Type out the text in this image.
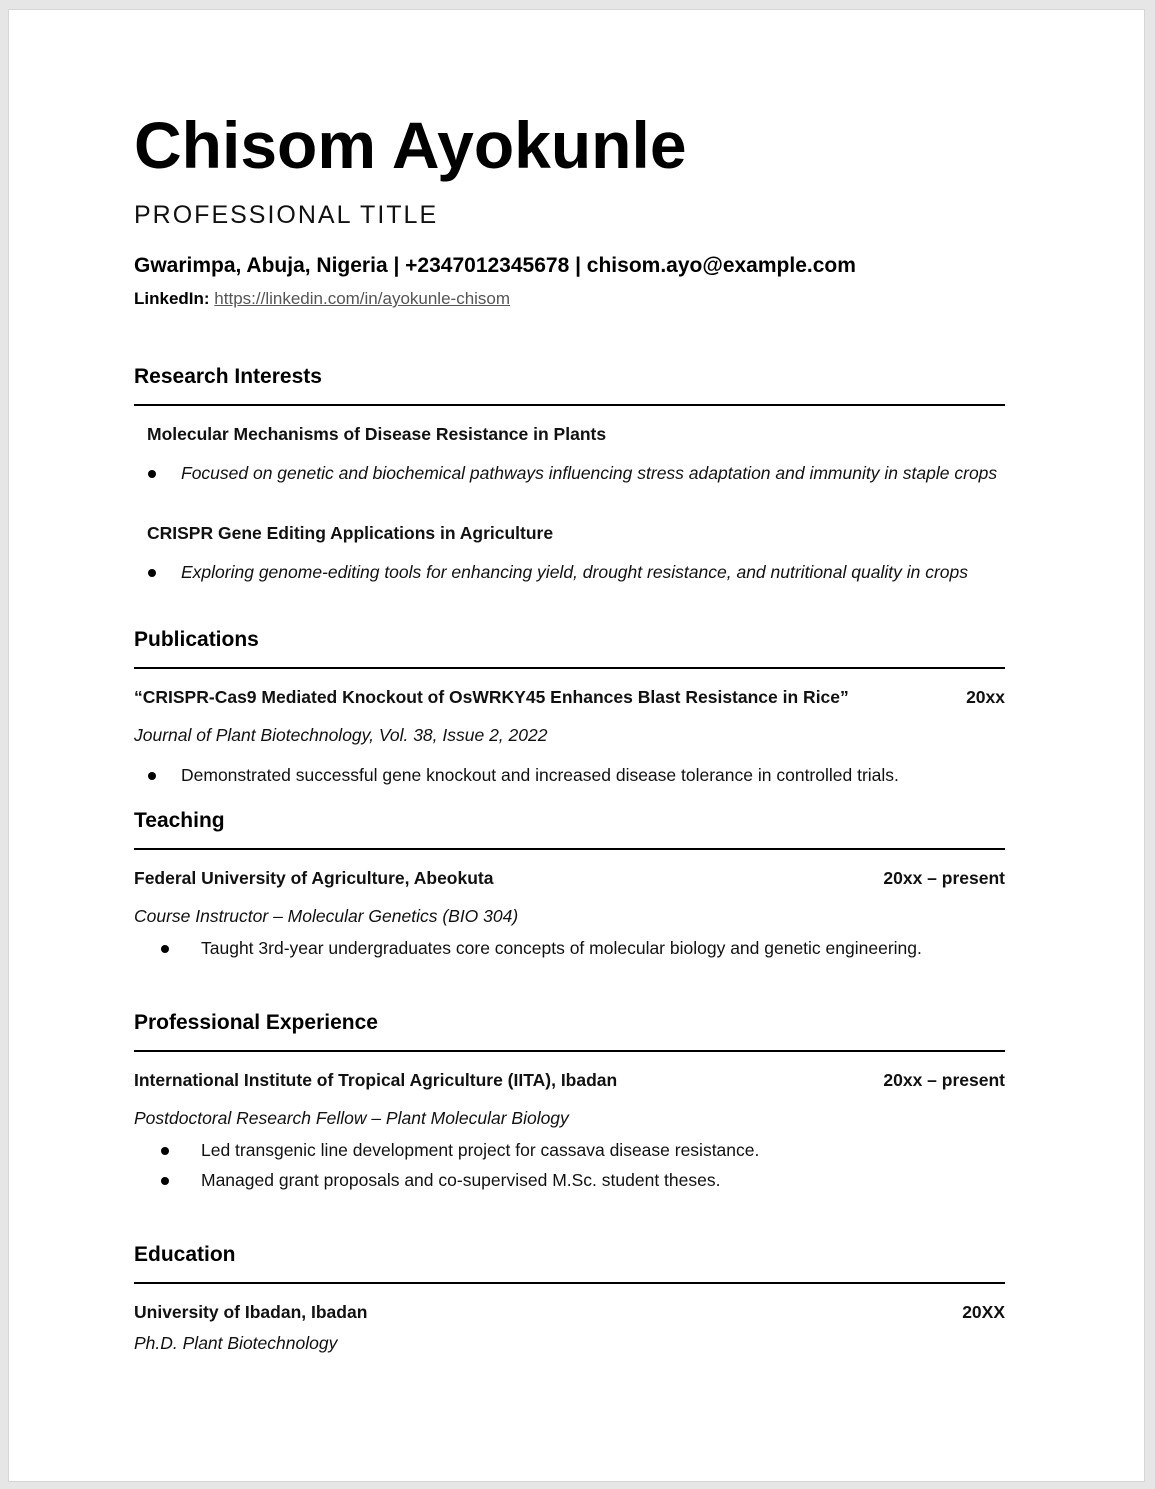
Chisom Ayokunle
PROFESSIONAL TITLE
Gwarimpa, Abuja, Nigeria | +2347012345678 | chisom.ayo@example.com
LinkedIn: https://linkedin.com/in/ayokunle-chisom
Research Interests
Molecular Mechanisms of Disease Resistance in Plants
Focused on genetic and biochemical pathways influencing stress adaptation and immunity in staple crops
CRISPR Gene Editing Applications in Agriculture
Exploring genome-editing tools for enhancing yield, drought resistance, and nutritional quality in crops
Publications
“CRISPR-Cas9 Mediated Knockout of OsWRKY45 Enhances Blast Resistance in Rice”	20xx
Journal of Plant Biotechnology, Vol. 38, Issue 2, 2022
Demonstrated successful gene knockout and increased disease tolerance in controlled trials.
Teaching
Federal University of Agriculture, Abeokuta	20xx – present
Course Instructor – Molecular Genetics (BIO 304)
Taught 3rd-year undergraduates core concepts of molecular biology and genetic engineering.
Professional Experience
International Institute of Tropical Agriculture (IITA), Ibadan	20xx – present
Postdoctoral Research Fellow – Plant Molecular Biology
Led transgenic line development project for cassava disease resistance.
Managed grant proposals and co-supervised M.Sc. student theses.
Education
University of Ibadan, Ibadan	20XX
Ph.D. Plant Biotechnology
